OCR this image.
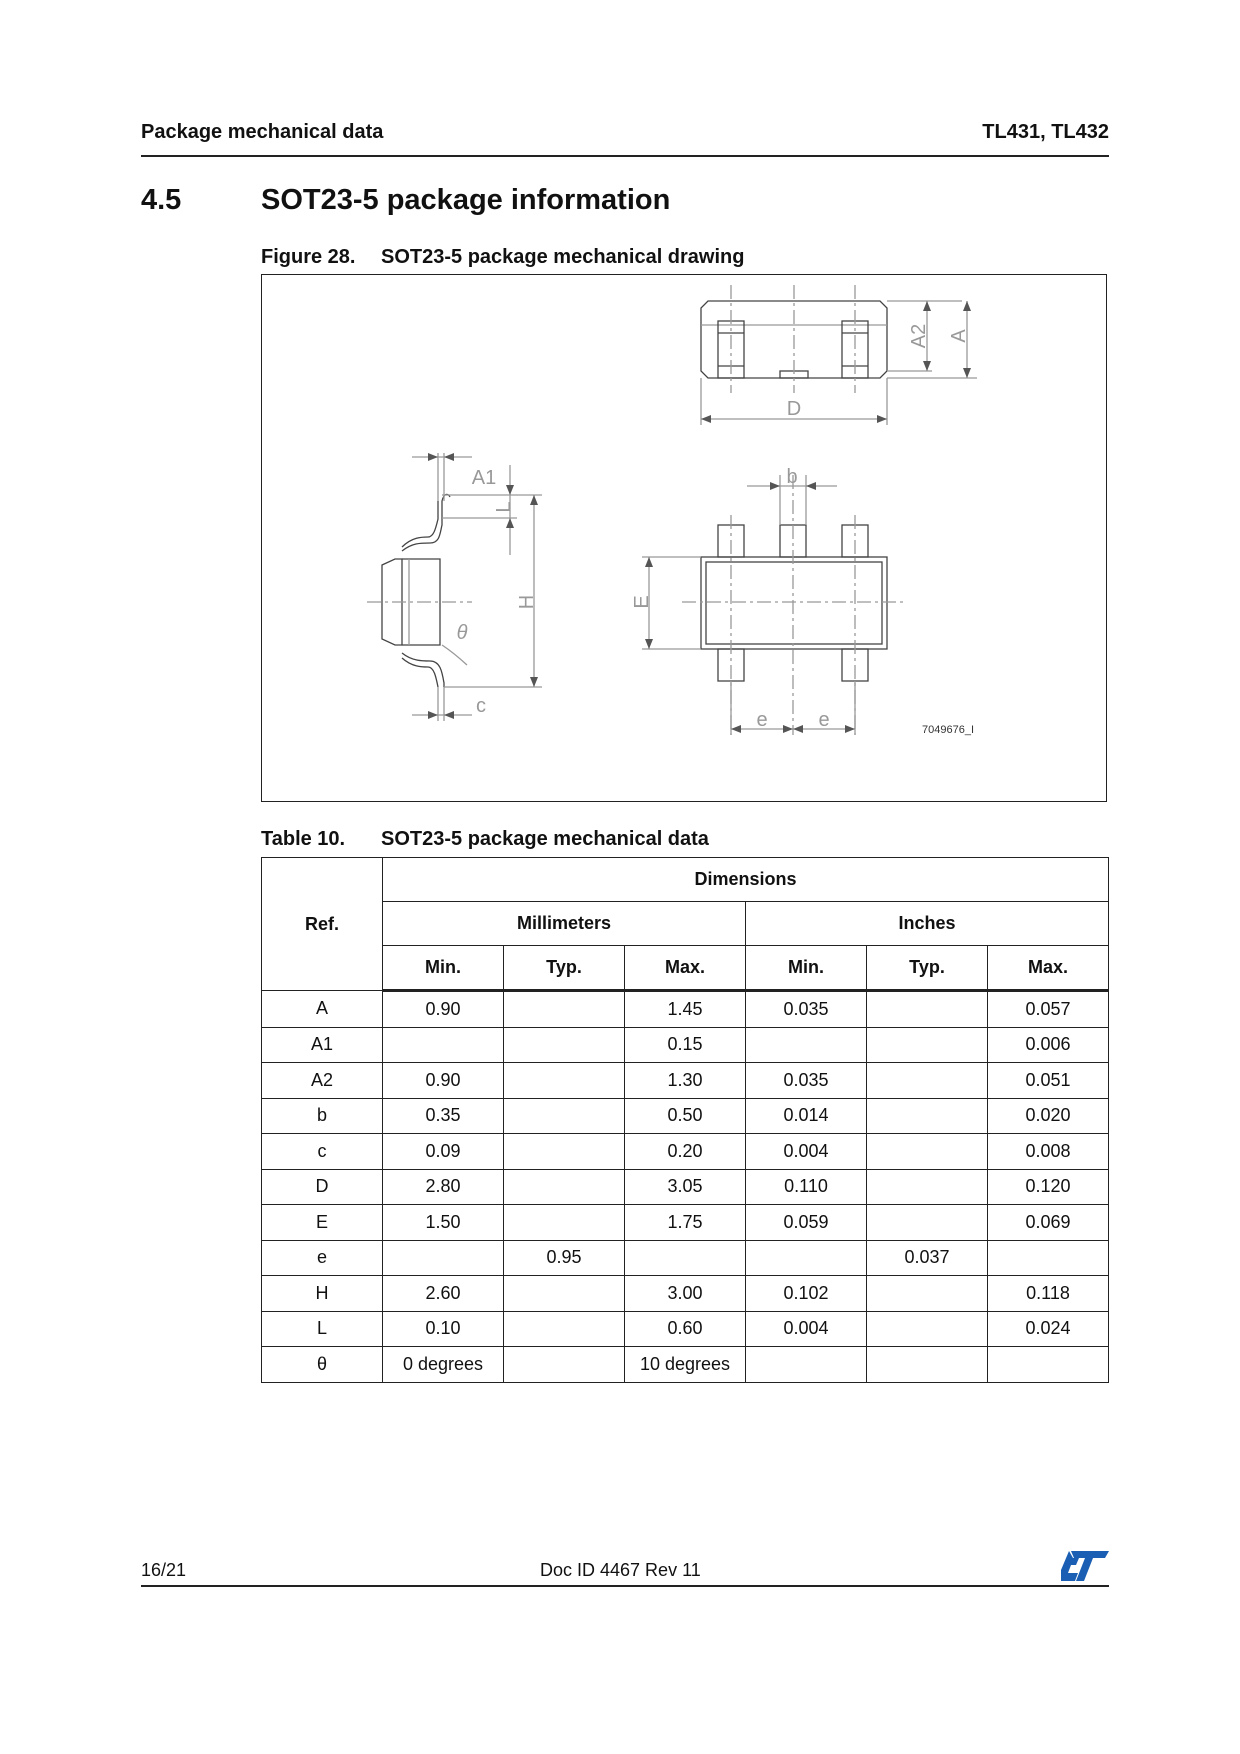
Package mechanical data	TL431, TL432
4.5	SOT23-5 package information
Figure 28. SOT23-5 package mechanical drawing
A2 A
D
A1	b
L
H	E
θ
c
e	e	7049676_I
Table 10. SOT23-5 package mechanical data
Ref.	Dimensions					
	Millimeters			Inches		
	Min.	Typ.	Max.	Min.	Typ.	Max.
A	0.90		1.45	0.035		0.057
A1			0.15			0.006
A2	0.90		1.30	0.035		0.051
b	0.35		0.50	0.014		0.020
c	0.09		0.20	0.004		0.008
D	2.80		3.05	0.110		0.120
E	1.50		1.75	0.059		0.069
e		0.95			0.037	
H	2.60		3.00	0.102		0.118
L	0.10		0.60	0.004		0.024
θ	0 degrees		10 degrees			
16/21	Doc ID 4467 Rev 11
